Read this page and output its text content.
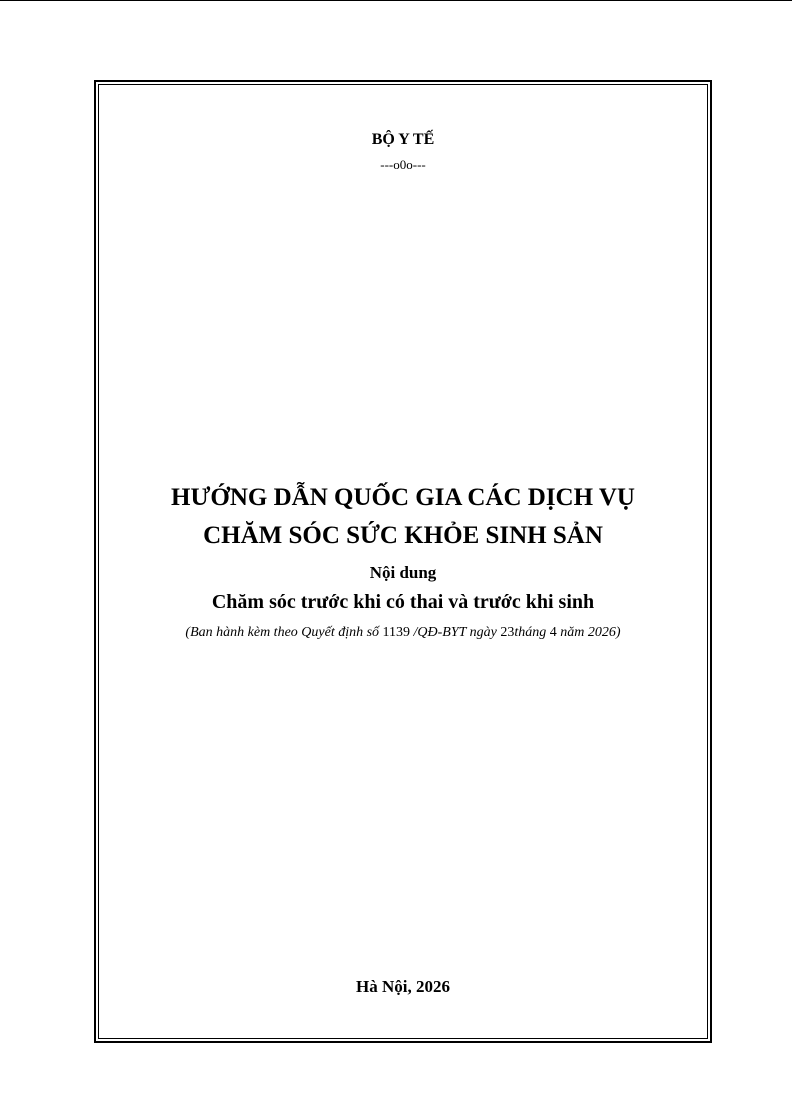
BỘ Y TẾ
---o0o---
HƯỚNG DẪN QUỐC GIA CÁC DỊCH VỤ
CHĂM SÓC SỨC KHỎE SINH SẢN
Nội dung
Chăm sóc trước khi có thai và trước khi sinh
(Ban hành kèm theo Quyết định số 1139 /QĐ-BYT ngày 23tháng 4 năm 2026)
Hà Nội, 2026
